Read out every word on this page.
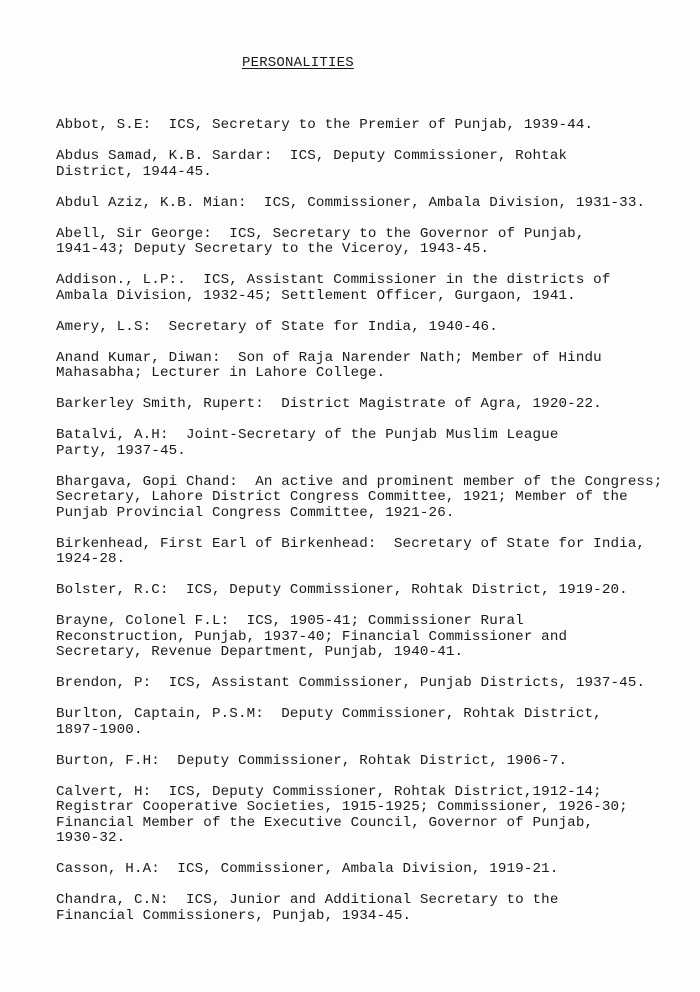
PERSONALITIES
Abbot, S.E:  ICS, Secretary to the Premier of Punjab, 1939-44.
Abdus Samad, K.B. Sardar:  ICS, Deputy Commissioner, Rohtak
District, 1944-45.
Abdul Aziz, K.B. Mian:  ICS, Commissioner, Ambala Division, 1931-33.
Abell, Sir George:  ICS, Secretary to the Governor of Punjab,
1941-43; Deputy Secretary to the Viceroy, 1943-45.
Addison., L.P:.  ICS, Assistant Commissioner in the districts of
Ambala Division, 1932-45; Settlement Officer, Gurgaon, 1941.
Amery, L.S:  Secretary of State for India, 1940-46.
Anand Kumar, Diwan:  Son of Raja Narender Nath; Member of Hindu
Mahasabha; Lecturer in Lahore College.
Barkerley Smith, Rupert:  District Magistrate of Agra, 1920-22.
Batalvi, A.H:  Joint-Secretary of the Punjab Muslim League
Party, 1937-45.
Bhargava, Gopi Chand:  An active and prominent member of the Congress;
Secretary, Lahore District Congress Committee, 1921; Member of the
Punjab Provincial Congress Committee, 1921-26.
Birkenhead, First Earl of Birkenhead:  Secretary of State for India,
1924-28.
Bolster, R.C:  ICS, Deputy Commissioner, Rohtak District, 1919-20.
Brayne, Colonel F.L:  ICS, 1905-41; Commissioner Rural
Reconstruction, Punjab, 1937-40; Financial Commissioner and
Secretary, Revenue Department, Punjab, 1940-41.
Brendon, P:  ICS, Assistant Commissioner, Punjab Districts, 1937-45.
Burlton, Captain, P.S.M:  Deputy Commissioner, Rohtak District,
1897-1900.
Burton, F.H:  Deputy Commissioner, Rohtak District, 1906-7.
Calvert, H:  ICS, Deputy Commissioner, Rohtak District,1912-14;
Registrar Cooperative Societies, 1915-1925; Commissioner, 1926-30;
Financial Member of the Executive Council, Governor of Punjab,
1930-32.
Casson, H.A:  ICS, Commissioner, Ambala Division, 1919-21.
Chandra, C.N:  ICS, Junior and Additional Secretary to the
Financial Commissioners, Punjab, 1934-45.
